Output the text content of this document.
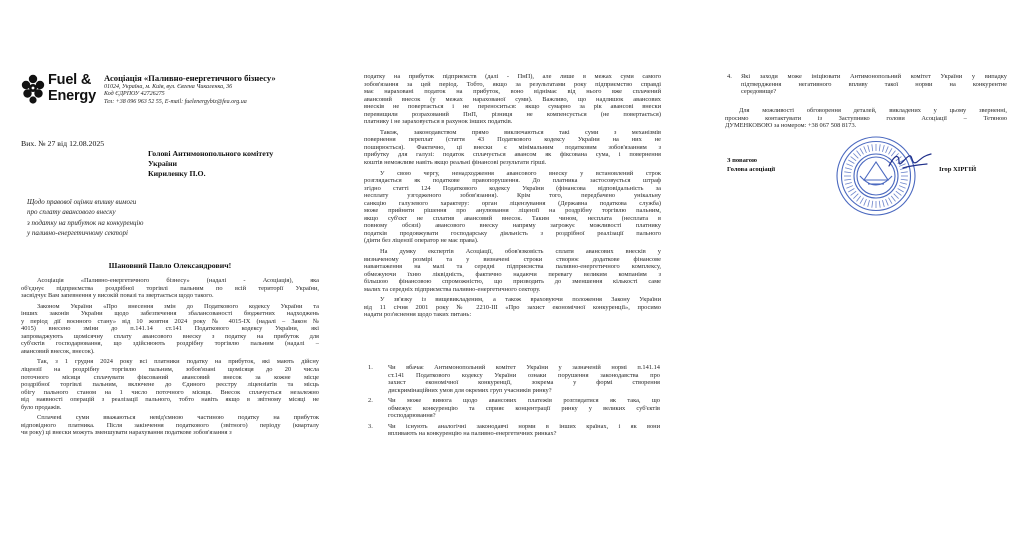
Fuel &
Energy
Асоціація «Паливно-енергетичного бізнесу»
01024, Україна, м. Київ, вул. Євгена Чикаленка, 36
Код ЄДРПОУ 42726275
Тел: +38 096 963 52 55, E-mail: fuelenergybiz@fea.org.ua
Вих. № 27 від 12.08.2025
Голові Антимонопольного комітету
України
Кириленку П.О.
Щодо правової оцінки впливу вимоги
про сплату авансового внеску
з податку на прибуток на конкуренцію
у паливно-енергетичному секторі
Шановний Павло Олександрович!
Асоціація «Паливно-енергетичного бізнесу» (надалі - Асоціація), яка
об'єднує підприємства роздрібної торгівлі пальним по всій території України,
засвідчує Вам запевнення у високій повазі та звертається щодо такого.
Законом України «Про внесення змін до Податкового кодексу України та
інших законів України щодо забезпечення збалансованості бюджетних надходжень
у період дії воєнного стану» від 10 жовтня 2024 року № 4015-IX (надалі – Закон №
4015) внесено зміни до п.141.14 ст.141 Податкового кодексу України, які
запроваджують щомісячну сплату авансового внеску з податку на прибуток для
суб'єктів господарювання, що здійснюють роздрібну торгівлю пальним (надалі –
авансовий внесок, внесок).
Так, з 1 грудня 2024 року всі платники податку на прибуток, які мають дійсну
ліцензії на роздрібну торгівлю пальним, зобов'язані щомісяця до 20 числа
поточного місяця сплачувати фіксований авансовий внесок за кожне місце
роздрібної торгівлі пальним, включене до Єдиного реєстру ліцензіатів та місць
обігу пального станом на 1 число поточного місяця. Внесок сплачується незалежно
від наявності операцій з реалізації пального, тобто навіть якщо в звітному місяці не
було продажів.
Сплачені суми вважаються невід'ємною частиною податку на прибуток
відповідного платника. Після закінчення податкового (звітного) періоду (кварталу
чи року) ці внески можуть зменшувати нарахування податкове зобов'язання з
податку на прибуток підприємств (далі - ПнП), але лише в межах суми самого
зобов'язання за цей період. Тобто, якщо за результатами року підприємство справді
має нараховані податок на прибуток, воно віднімає від нього вже сплачений
авансовий внесок (у межах нарахованої суми). Важливо, що надлишок авансових
внесків не повертається і не переноситься: якщо сумарно за рік авансові внески
перевищили розрахований ПнП, різниця не компенсується (не повертається)
платнику і не зараховується в рахунок інших податків.
Також, законодавством прямо виключаються такі суми з механізмів
повернення переплат (стаття 43 Податкового кодексу України на них не
поширюється). Фактично, ці внески є мінімальним податковим зобов'язанням з
прибутку для галузі: податок сплачується авансом як фіксована сума, і повернення
коштів неможливе навіть якщо реальні фінансові результати гірші.
У свою чергу, ненадходження авансового внеску у встановлений строк
розглядається як податкове правопорушення. До платника застосовується штраф
згідно статті 124 Податкового кодексу України (фінансова відповідальність за
несплату узгодженого зобов'язання). Крім того, передбачено унікальну
санкцію галузевого характеру: орган ліцензування (Державна податкова служба)
може прийняти рішення про анулювання ліцензії на роздрібну торгівлю пальним,
якщо суб'єкт не сплатив авансовий внесок. Таким чином, несплата (несплата в
повному обсязі) авансового внеску напряму загрожує можливості платнику
податків продовжувати господарську діяльність з роздрібної реалізації пального
(діяти без ліцензії оператор не має права).
На думку експертів Асоціації, обов'язковість сплати авансових внесків у
визначеному розмірі та у визначені строки створює додаткове фінансове
навантаження на малі та середні підприємства паливно-енергетичного комплексу,
обмежуючи їхню ліквідність, фактично надаючи перевагу великим компаніям з
більшою фінансовою спроможністю, що призводить до зменшення кількості саме
малих та середніх підприємства паливно-енергетичного сектору.
У зв'язку із вищевикладеним, а також враховуючи положення Закону України
від 11 січня 2001 року № 2210-III «Про захист економічної конкуренції», просимо
надати роз'яснення щодо таких питань:
1. Чи вбачає Антимонопольний комітет України у зазначеній нормі п.141.14
ст.141 Податкового кодексу України ознаки порушення законодавства про
захист економічної конкуренції, зокрема у формі створення
дискримінаційних умов для окремих груп учасників ринку?
2. Чи може вимога щодо авансових платежів розглядатися як така, що
обмежує конкуренцію та сприяє концентрації ринку у великих суб'єктів
господарювання?
3. Чи існують аналогічні законодавчі норми в інших країнах, і як вони
впливають на конкуренцію на паливно-енергетичних ринках?
4. Які заходи може ініціювати Антимонопольний комітет України у випадку
підтвердження негативного впливу такої норми на конкурентне
середовище?
Для можливості обговорення деталей, викладених у цьому зверненні,
просимо контактувати із Заступнико голови Асоціації – Тетяною
ДУМЕНКОВОЮ за номером: +38 067 508 8173.
З повагою
Голова асоціації	Ігор ХІРГІЙ
